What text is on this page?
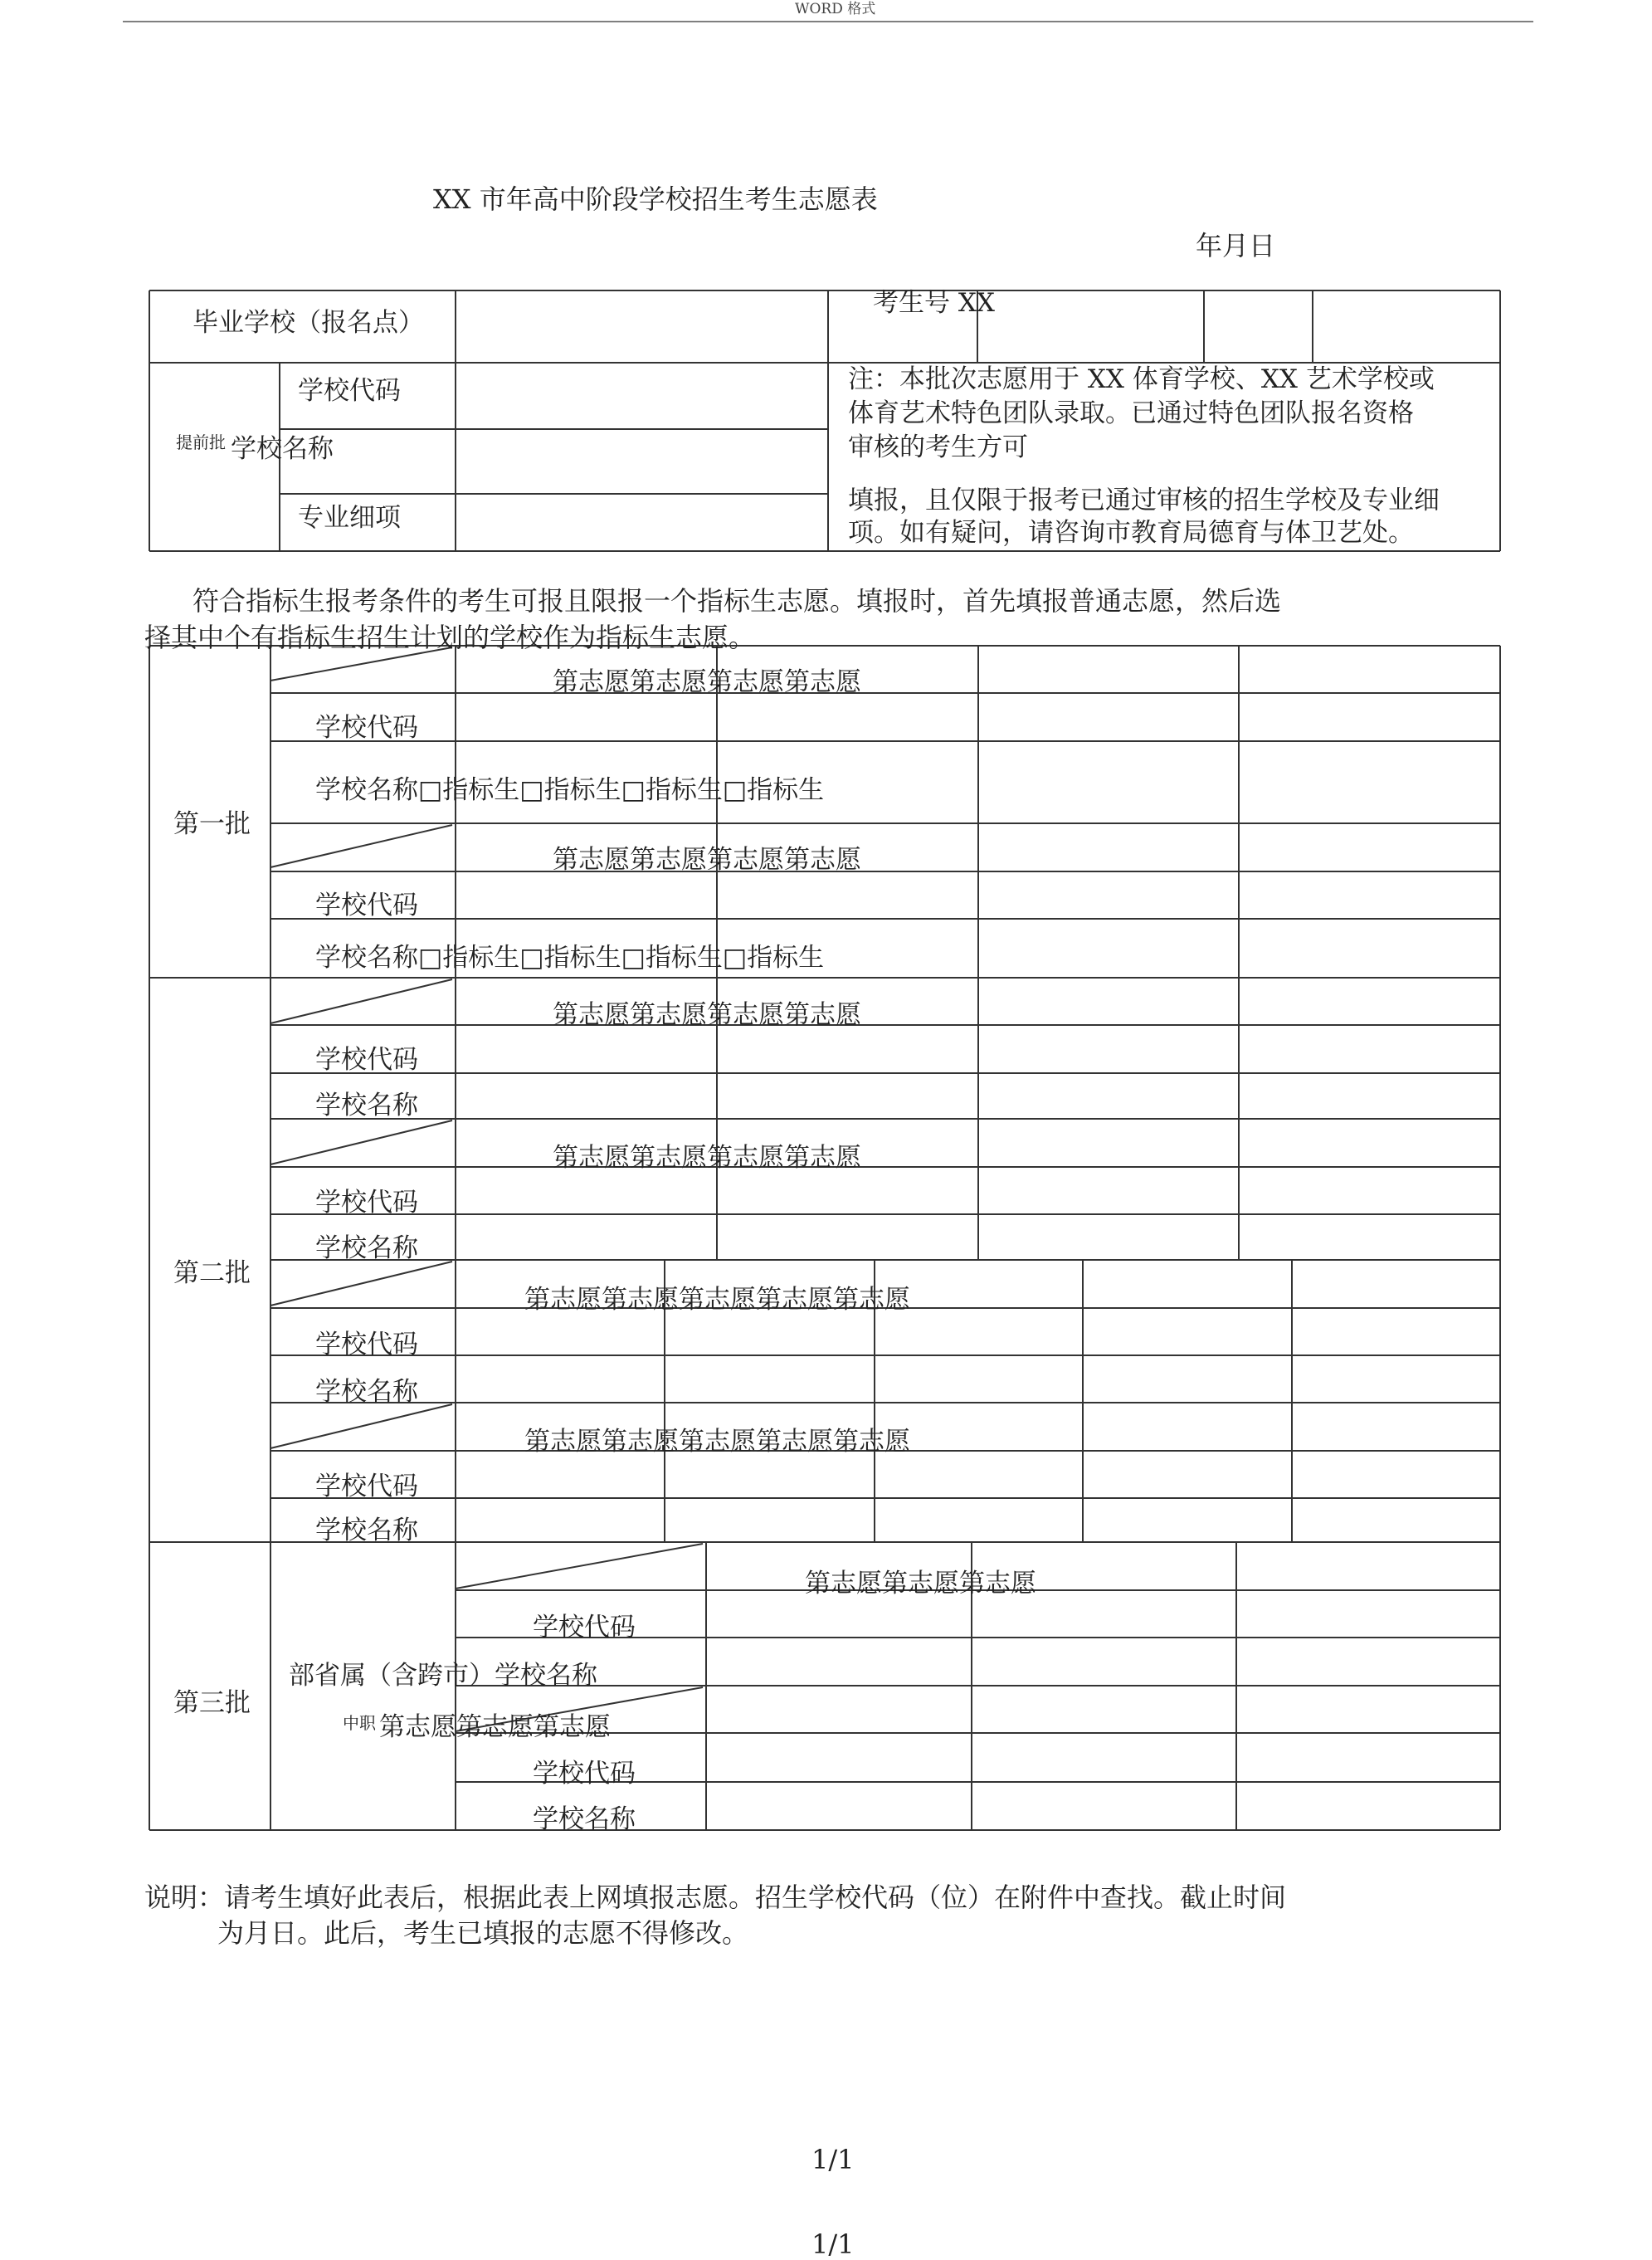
WORD 格式
XX 市年高中阶段学校招生考生志愿表
年月日
毕业学校（报名点）
考生号 XX
提前批
学校代码
学校名称
专业细项
注：本批次志愿用于 XX 体育学校、XX 艺术学校或
体育艺术特色团队录取。已通过特色团队报名资格
审核的考生方可
填报，且仅限于报考已通过审核的招生学校及专业细
项。如有疑问，请咨询市教育局德育与体卫艺处。
符合指标生报考条件的考生可报且限报一个指标生志愿。填报时，首先填报普通志愿，然后选
择其中个有指标生招生计划的学校作为指标生志愿。
第一批
第志愿第志愿第志愿第志愿
学校代码
学校名称□指标生□指标生□指标生□指标生
第志愿第志愿第志愿第志愿
学校代码
学校名称□指标生□指标生□指标生□指标生
第二批
第志愿第志愿第志愿第志愿
学校代码
学校名称
第志愿第志愿第志愿第志愿
学校代码
学校名称
第志愿第志愿第志愿第志愿第志愿
学校代码
学校名称
第志愿第志愿第志愿第志愿第志愿
学校代码
学校名称
第三批
第志愿第志愿第志愿
学校代码
部省属（含跨市）学校名称
中职 第志愿第志愿第志愿
学校代码
学校名称
说明：请考生填好此表后，根据此表上网填报志愿。招生学校代码（位）在附件中查找。截止时间
为月日。此后，考生已填报的志愿不得修改。
1/1
1/1
